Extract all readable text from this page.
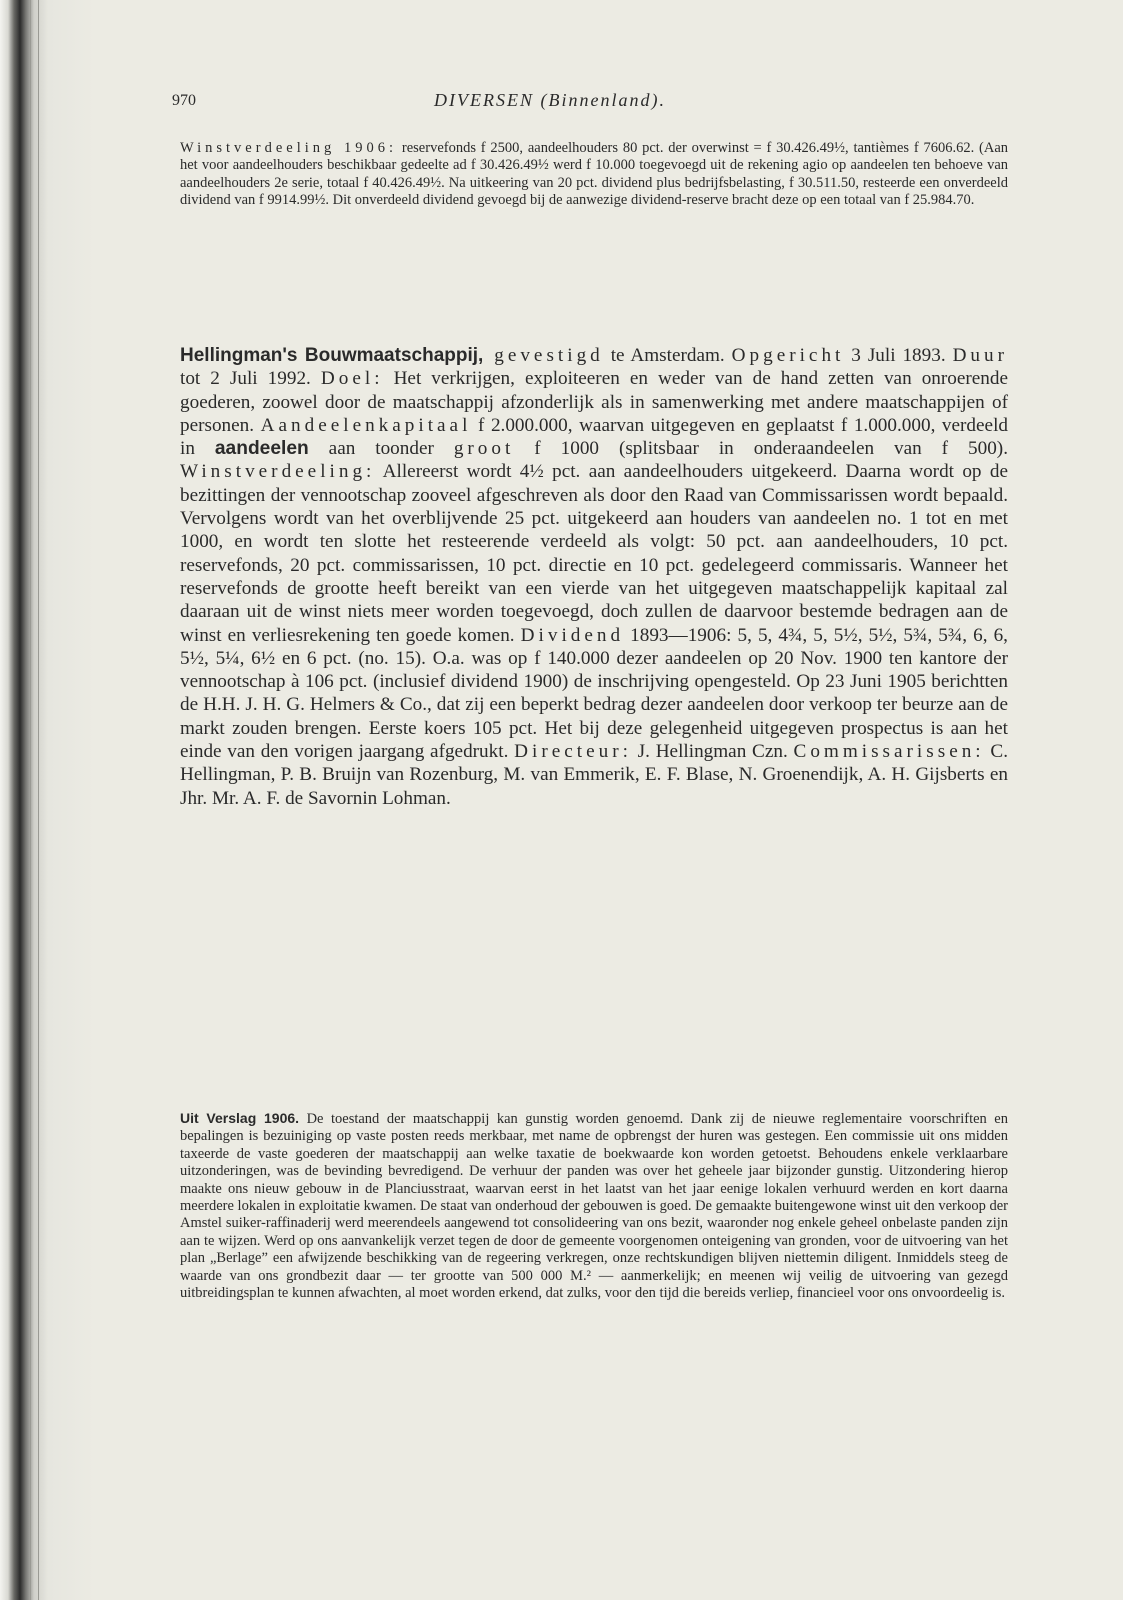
970	DIVERSEN (Binnenland).

Winstverdeeling 1906: reservefonds f 2500, aandeelhouders 80 pct. der overwinst = f 30.426.49½, tantièmes f 7606.62. (Aan het voor aandeelhouders beschikbaar gedeelte ad f 30.426.49½ werd f 10.000 toegevoegd uit de rekening agio op aandeelen ten behoeve van aandeelhouders 2e serie, totaal f 40.426.49½. Na uitkeering van 20 pct. dividend plus bedrijfsbelasting, f 30.511.50, resteerde een onverdeeld dividend van f 9914.99½. Dit onverdeeld dividend gevoegd bij de aanwezige dividend-reserve bracht deze op een totaal van f 25.984.70.

Hellingman's Bouwmaatschappij, gevestigd te Amsterdam. Opgericht 3 Juli 1893. Duur tot 2 Juli 1992. Doel: Het verkrijgen, exploiteeren en weder van de hand zetten van onroerende goederen, zoowel door de maatschappij afzonderlijk als in samenwerking met andere maatschappijen of personen. Aandeelenkapitaal f 2.000.000, waarvan uitgegeven en geplaatst f 1.000.000, verdeeld in aandeelen aan toonder groot f 1000 (splitsbaar in onderaandeelen van f 500). Winstverdeeling: Allereerst wordt 4½ pct. aan aandeelhouders uitgekeerd. Daarna wordt op de bezittingen der vennootschap zooveel afgeschreven als door den Raad van Commissarissen wordt bepaald. Vervolgens wordt van het overblijvende 25 pct. uitgekeerd aan houders van aandeelen no. 1 tot en met 1000, en wordt ten slotte het resteerende verdeeld als volgt: 50 pct. aan aandeelhouders, 10 pct. reservefonds, 20 pct. commissarissen, 10 pct. directie en 10 pct. gedelegeerd commissaris. Wanneer het reservefonds de grootte heeft bereikt van een vierde van het uitgegeven maatschappelijk kapitaal zal daaraan uit de winst niets meer worden toegevoegd, doch zullen de daarvoor bestemde bedragen aan de winst en verliesrekening ten goede komen. Dividend 1893—1906: 5, 5, 4¾, 5, 5½, 5½, 5¾, 5¾, 6, 6, 5½, 5¼, 6½ en 6 pct. (no. 15). O.a. was op f 140.000 dezer aandeelen op 20 Nov. 1900 ten kantore der vennootschap à 106 pct. (inclusief dividend 1900) de inschrijving opengesteld. Op 23 Juni 1905 berichtten de H.H. J. H. G. Helmers & Co., dat zij een beperkt bedrag dezer aandeelen door verkoop ter beurze aan de markt zouden brengen. Eerste koers 105 pct. Het bij deze gelegenheid uitgegeven prospectus is aan het einde van den vorigen jaargang afgedrukt. Directeur: J. Hellingman Czn. Commissarissen: C. Hellingman, P. B. Bruijn van Rozenburg, M. van Emmerik, E. F. Blase, N. Groenendijk, A. H. Gijsberts en Jhr. Mr. A. F. de Savornin Lohman.

Uit Verslag 1906. De toestand der maatschappij kan gunstig worden genoemd. Dank zij de nieuwe reglementaire voorschriften en bepalingen is bezuiniging op vaste posten reeds merkbaar, met name de opbrengst der huren was gestegen. Een commissie uit ons midden taxeerde de vaste goederen der maatschappij aan welke taxatie de boekwaarde kon worden getoetst. Behoudens enkele verklaarbare uitzonderingen, was de bevinding bevredigend. De verhuur der panden was over het geheele jaar bijzonder gunstig. Uitzondering hierop maakte ons nieuw gebouw in de Planciusstraat, waarvan eerst in het laatst van het jaar eenige lokalen verhuurd werden en kort daarna meerdere lokalen in exploitatie kwamen. De staat van onderhoud der gebouwen is goed. De gemaakte buitengewone winst uit den verkoop der Amstel suiker-raffinaderij werd meerendeels aangewend tot consolideering van ons bezit, waaronder nog enkele geheel onbelaste panden zijn aan te wijzen. Werd op ons aanvankelijk verzet tegen de door de gemeente voorgenomen onteigening van gronden, voor de uitvoering van het plan „Berlage” een afwijzende beschikking van de regeering verkregen, onze rechtskundigen blijven niettemin diligent. Inmiddels steeg de waarde van ons grondbezit daar — ter grootte van 500 000 M.² — aanmerkelijk; en meenen wij veilig de uitvoering van gezegd uitbreidingsplan te kunnen afwachten, al moet worden erkend, dat zulks, voor den tijd die bereids verliep, financieel voor ons onvoordeelig is.
